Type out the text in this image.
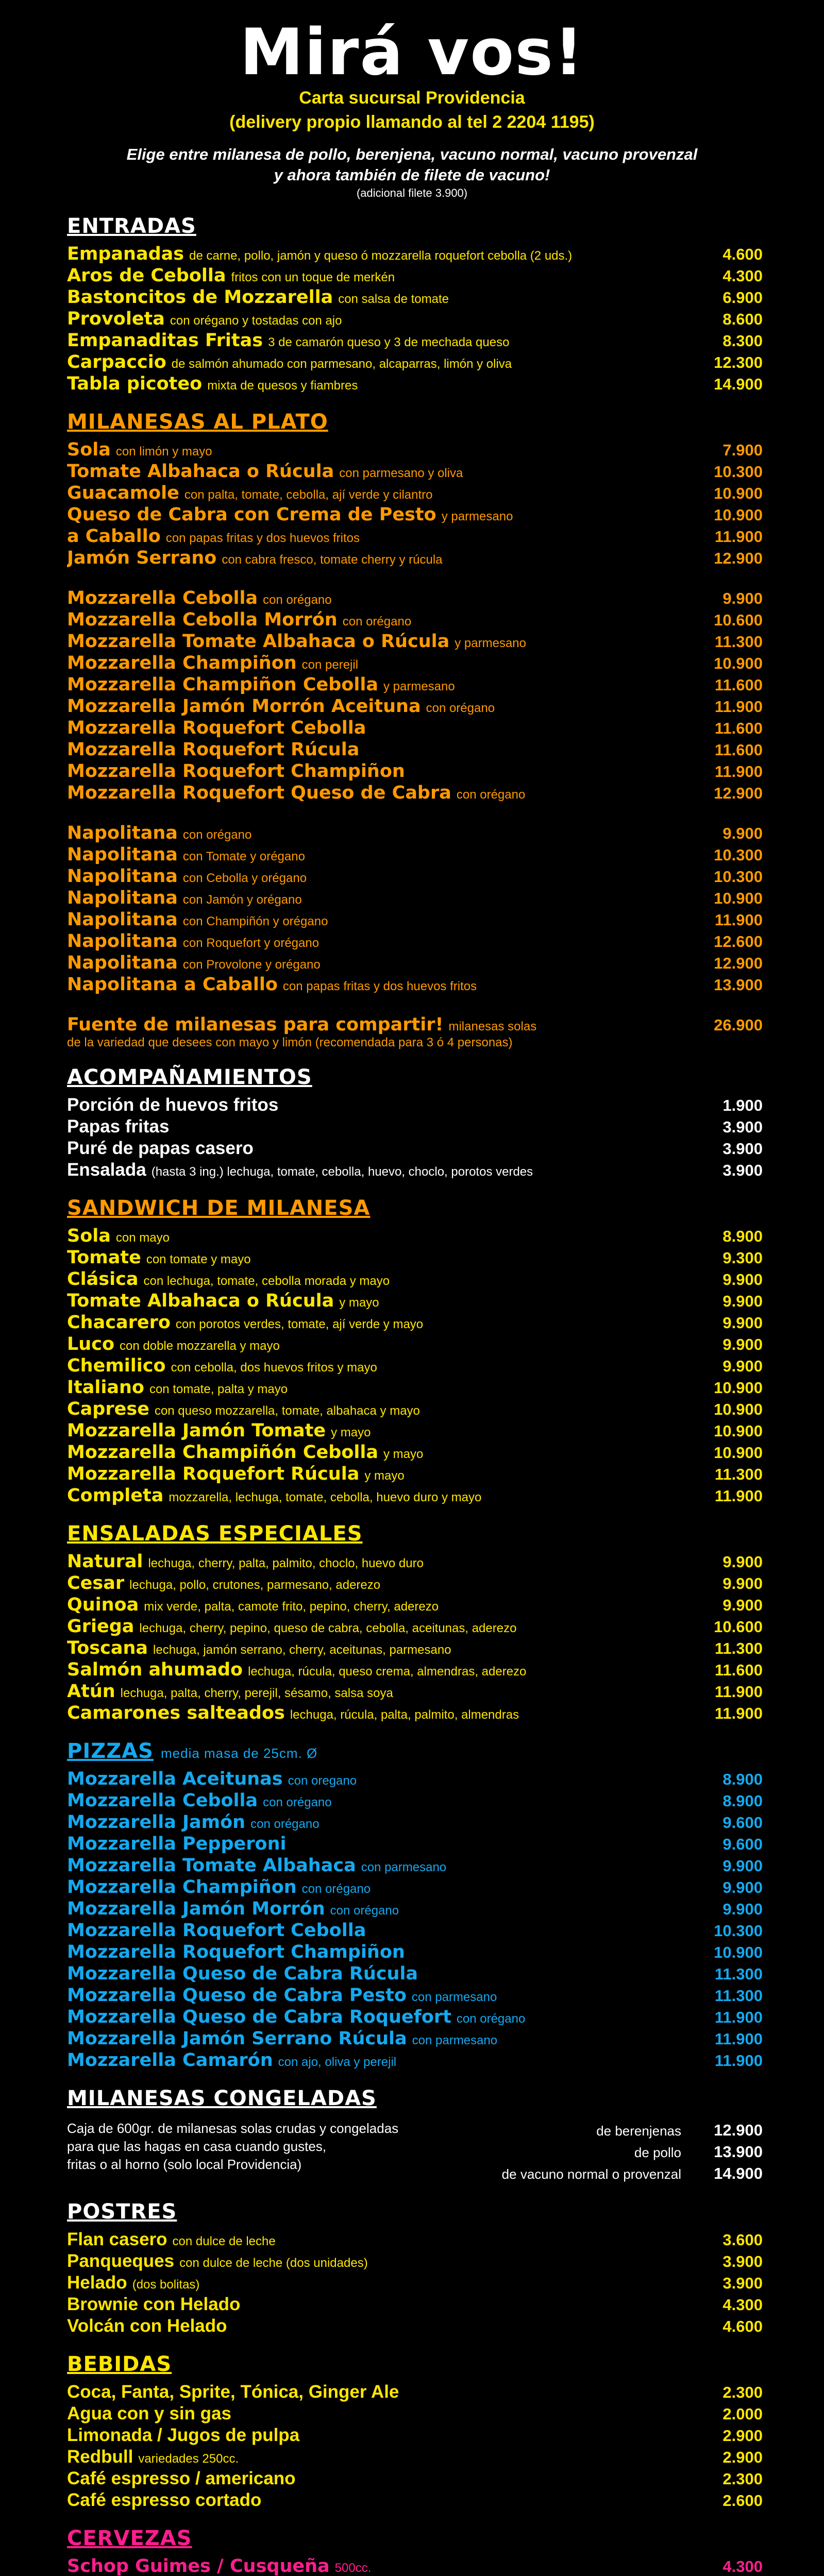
Mirá vos!
Carta sucursal Providencia
(delivery propio llamando al tel 2 2204 1195)
Elige entre milanesa de pollo, berenjena, vacuno normal, vacuno provenzal
y ahora también de filete de vacuno!
(adicional filete 3.900)
ENTRADAS
Empanadas de carne, pollo, jamón y queso ó mozzarella roquefort cebolla (2 uds.)	4.600
Aros de Cebolla fritos con un toque de merkén	4.300
Bastoncitos de Mozzarella con salsa de tomate	6.900
Provoleta con orégano y tostadas con ajo	8.600
Empanaditas Fritas 3 de camarón queso y 3 de mechada queso	8.300
Carpaccio de salmón ahumado con parmesano, alcaparras, limón y oliva	12.300
Tabla picoteo mixta de quesos y fiambres	14.900
MILANESAS AL PLATO
Sola con limón y mayo	7.900
Tomate Albahaca o Rúcula con parmesano y oliva	10.300
Guacamole con palta, tomate, cebolla, ají verde y cilantro	10.900
Queso de Cabra con Crema de Pesto y parmesano	10.900
a Caballo con papas fritas y dos huevos fritos	11.900
Jamón Serrano con cabra fresco, tomate cherry y rúcula	12.900
Mozzarella Cebolla con orégano	9.900
Mozzarella Cebolla Morrón con orégano	10.600
Mozzarella Tomate Albahaca o Rúcula y parmesano	11.300
Mozzarella Champiñon con perejil	10.900
Mozzarella Champiñon Cebolla y parmesano	11.600
Mozzarella Jamón Morrón Aceituna con orégano	11.900
Mozzarella Roquefort Cebolla	11.600
Mozzarella Roquefort Rúcula	11.600
Mozzarella Roquefort Champiñon	11.900
Mozzarella Roquefort Queso de Cabra con orégano	12.900
Napolitana con orégano	9.900
Napolitana con Tomate y orégano	10.300
Napolitana con Cebolla y orégano	10.300
Napolitana con Jamón y orégano	10.900
Napolitana con Champiñón y orégano	11.900
Napolitana con Roquefort y orégano	12.600
Napolitana con Provolone y orégano	12.900
Napolitana a Caballo con papas fritas y dos huevos fritos	13.900
Fuente de milanesas para compartir! milanesas solas	26.900
de la variedad que desees con mayo y limón (recomendada para 3 ó 4 personas)
ACOMPAÑAMIENTOS
Porción de huevos fritos	1.900
Papas fritas	3.900
Puré de papas casero	3.900
Ensalada (hasta 3 ing.) lechuga, tomate, cebolla, huevo, choclo, porotos verdes	3.900
SANDWICH DE MILANESA
Sola con mayo	8.900
Tomate con tomate y mayo	9.300
Clásica con lechuga, tomate, cebolla morada y mayo	9.900
Tomate Albahaca o Rúcula y mayo	9.900
Chacarero con porotos verdes, tomate, ají verde y mayo	9.900
Luco con doble mozzarella y mayo	9.900
Chemilico con cebolla, dos huevos fritos y mayo	9.900
Italiano con tomate, palta y mayo	10.900
Caprese con queso mozzarella, tomate, albahaca y mayo	10.900
Mozzarella Jamón Tomate y mayo	10.900
Mozzarella Champiñón Cebolla y mayo	10.900
Mozzarella Roquefort Rúcula y mayo	11.300
Completa mozzarella, lechuga, tomate, cebolla, huevo duro y mayo	11.900
ENSALADAS ESPECIALES
Natural lechuga, cherry, palta, palmito, choclo, huevo duro	9.900
Cesar lechuga, pollo, crutones, parmesano, aderezo	9.900
Quinoa mix verde, palta, camote frito, pepino, cherry, aderezo	9.900
Griega lechuga, cherry, pepino, queso de cabra, cebolla, aceitunas, aderezo	10.600
Toscana lechuga, jamón serrano, cherry, aceitunas, parmesano	11.300
Salmón ahumado lechuga, rúcula, queso crema, almendras, aderezo	11.600
Atún lechuga, palta, cherry, perejil, sésamo, salsa soya	11.900
Camarones salteados lechuga, rúcula, palta, palmito, almendras	11.900
PIZZAS media masa de 25cm. Ø
Mozzarella Aceitunas con oregano	8.900
Mozzarella Cebolla con orégano	8.900
Mozzarella Jamón con orégano	9.600
Mozzarella Pepperoni	9.600
Mozzarella Tomate Albahaca con parmesano	9.900
Mozzarella Champiñon con orégano	9.900
Mozzarella Jamón Morrón con orégano	9.900
Mozzarella Roquefort Cebolla	10.300
Mozzarella Roquefort Champiñon	10.900
Mozzarella Queso de Cabra Rúcula	11.300
Mozzarella Queso de Cabra Pesto con parmesano	11.300
Mozzarella Queso de Cabra Roquefort con orégano	11.900
Mozzarella Jamón Serrano Rúcula con parmesano	11.900
Mozzarella Camarón con ajo, oliva y perejil	11.900
MILANESAS CONGELADAS
Caja de 600gr. de milanesas solas crudas y congeladas
para que las hagas en casa cuando gustes,
fritas o al horno (solo local Providencia)
de berenjenas	12.900
de pollo	13.900
de vacuno normal o provenzal	14.900
POSTRES
Flan casero con dulce de leche	3.600
Panqueques con dulce de leche (dos unidades)	3.900
Helado (dos bolitas)	3.900
Brownie con Helado	4.300
Volcán con Helado	4.600
BEBIDAS
Coca, Fanta, Sprite, Tónica, Ginger Ale	2.300
Agua con y sin gas	2.000
Limonada / Jugos de pulpa	2.900
Redbull variedades 250cc.	2.900
Café espresso / americano	2.300
Café espresso cortado	2.600
CERVEZAS
Schop Guimes / Cusqueña 500cc.	4.300
